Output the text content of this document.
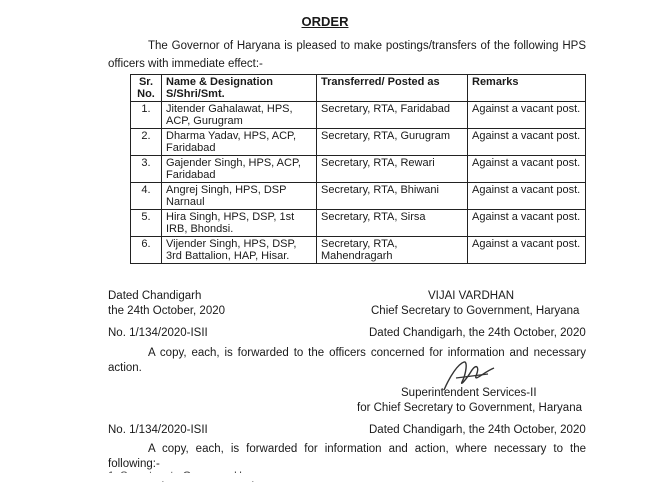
ORDER
The Governor of Haryana is pleased to make postings/transfers of the following HPS officers with immediate effect:-
Sr. No.	Name & Designation S/Shri/Smt.	Transferred/ Posted as	Remarks
1.	Jitender Gahalawat, HPS, ACP, Gurugram	Secretary, RTA, Faridabad	Against a vacant post.
2.	Dharma Yadav, HPS, ACP, Faridabad	Secretary, RTA, Gurugram	Against a vacant post.
3.	Gajender Singh, HPS, ACP, Faridabad	Secretary, RTA, Rewari	Against a vacant post.
4.	Angrej Singh, HPS, DSP Narnaul	Secretary, RTA, Bhiwani	Against a vacant post.
5.	Hira Singh, HPS, DSP, 1st IRB, Bhondsi.	Secretary, RTA, Sirsa	Against a vacant post.
6.	Vijender Singh, HPS, DSP, 3rd Battalion, HAP, Hisar.	Secretary, RTA, Mahendragarh	Against a vacant post.
Dated Chandigarh
the 24th October, 2020
VIJAI VARDHAN
Chief Secretary to Government, Haryana
No. 1/134/2020-ISII	Dated Chandigarh, the 24th October, 2020
A copy, each, is forwarded to the officers concerned for information and necessary action.
Superintendent Services-II
for Chief Secretary to Government, Haryana
No. 1/134/2020-ISII	Dated Chandigarh, the 24th October, 2020
A copy, each, is forwarded for information and action, where necessary to the following:-
